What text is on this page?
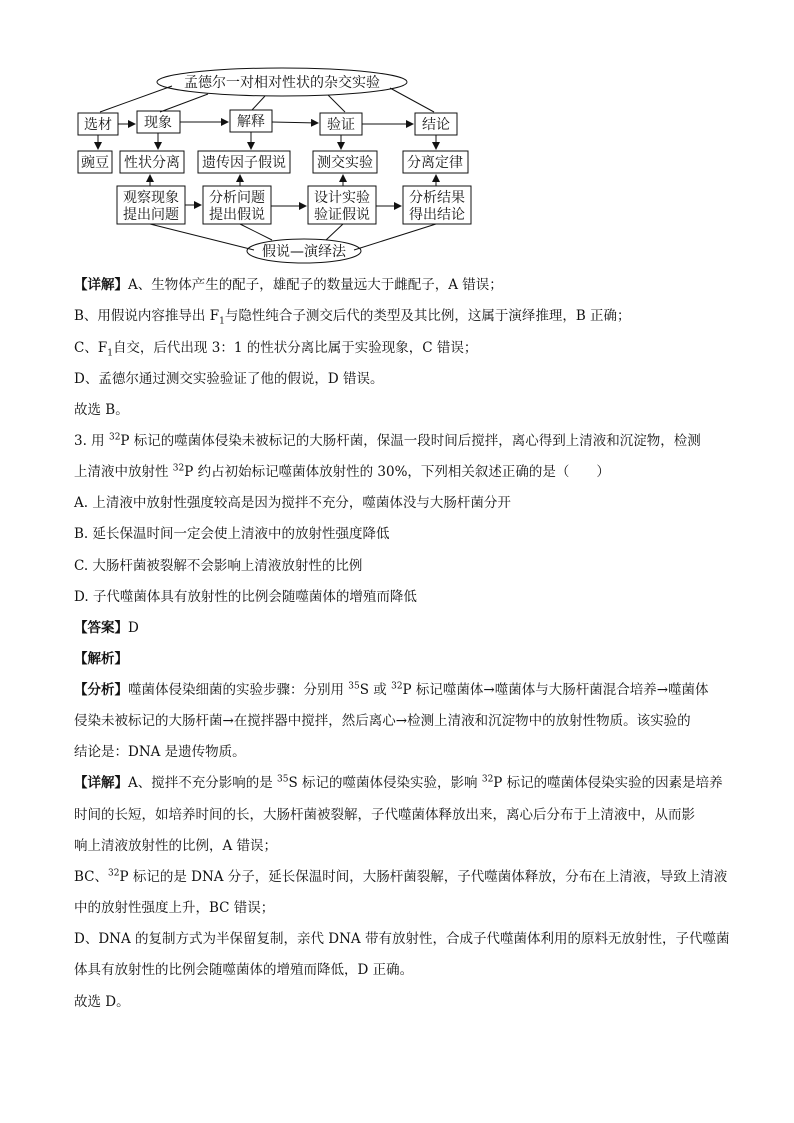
孟德尔一对相对性状的杂交实验
选材 现象	解释	验证	结论
豌豆 性状分离 遗传因子假说 测交实验 分离定律
观察现象
提出问题
分析问题
提出假说
设计实验
验证假说
分析结果
得出结论
假说—演绎法
【详解】A、生物体产生的配子，雄配子的数量远大于雌配子，A 错误；
B、用假说内容推导出 $F_1$与隐性纯合子测交后代的类型及其比例，这属于演绎推理，B 正确；
C、$F_1$自交，后代出现 3：1 的性状分离比属于实验现象，C 错误；
D、孟德尔通过测交实验验证了他的假说，D 错误。
故选 B。
3. 用 $^{32}$P 标记的噬菌体侵染未被标记的大肠杆菌，保温一段时间后搅拌，离心得到上清液和沉淀物，检测
上清液中放射性 $^{32}$P 约占初始标记噬菌体放射性的 30%，下列相关叙述正确的是（　　）
A. 上清液中放射性强度较高是因为搅拌不充分，噬菌体没与大肠杆菌分开
B. 延长保温时间一定会使上清液中的放射性强度降低
C. 大肠杆菌被裂解不会影响上清液放射性的比例
D. 子代噬菌体具有放射性的比例会随噬菌体的增殖而降低
【答案】D
【解析】
【分析】噬菌体侵染细菌的实验步骤：分别用 $^{35}$S 或 $^{32}$P 标记噬菌体→噬菌体与大肠杆菌混合培养→噬菌体
侵染未被标记的大肠杆菌→在搅拌器中搅拌，然后离心→检测上清液和沉淀物中的放射性物质。该实验的
结论是：DNA 是遗传物质。
【详解】A、搅拌不充分影响的是 $^{35}$S 标记的噬菌体侵染实验，影响 $^{32}$P 标记的噬菌体侵染实验的因素是培养
时间的长短，如培养时间的长，大肠杆菌被裂解，子代噬菌体释放出来，离心后分布于上清液中，从而影
响上清液放射性的比例，A 错误；
BC、$^{32}$P 标记的是 DNA 分子，延长保温时间，大肠杆菌裂解，子代噬菌体释放，分布在上清液，导致上清液
中的放射性强度上升，BC 错误；
D、DNA 的复制方式为半保留复制，亲代 DNA 带有放射性，合成子代噬菌体利用的原料无放射性，子代噬菌
体具有放射性的比例会随噬菌体的增殖而降低，D 正确。
故选 D。
